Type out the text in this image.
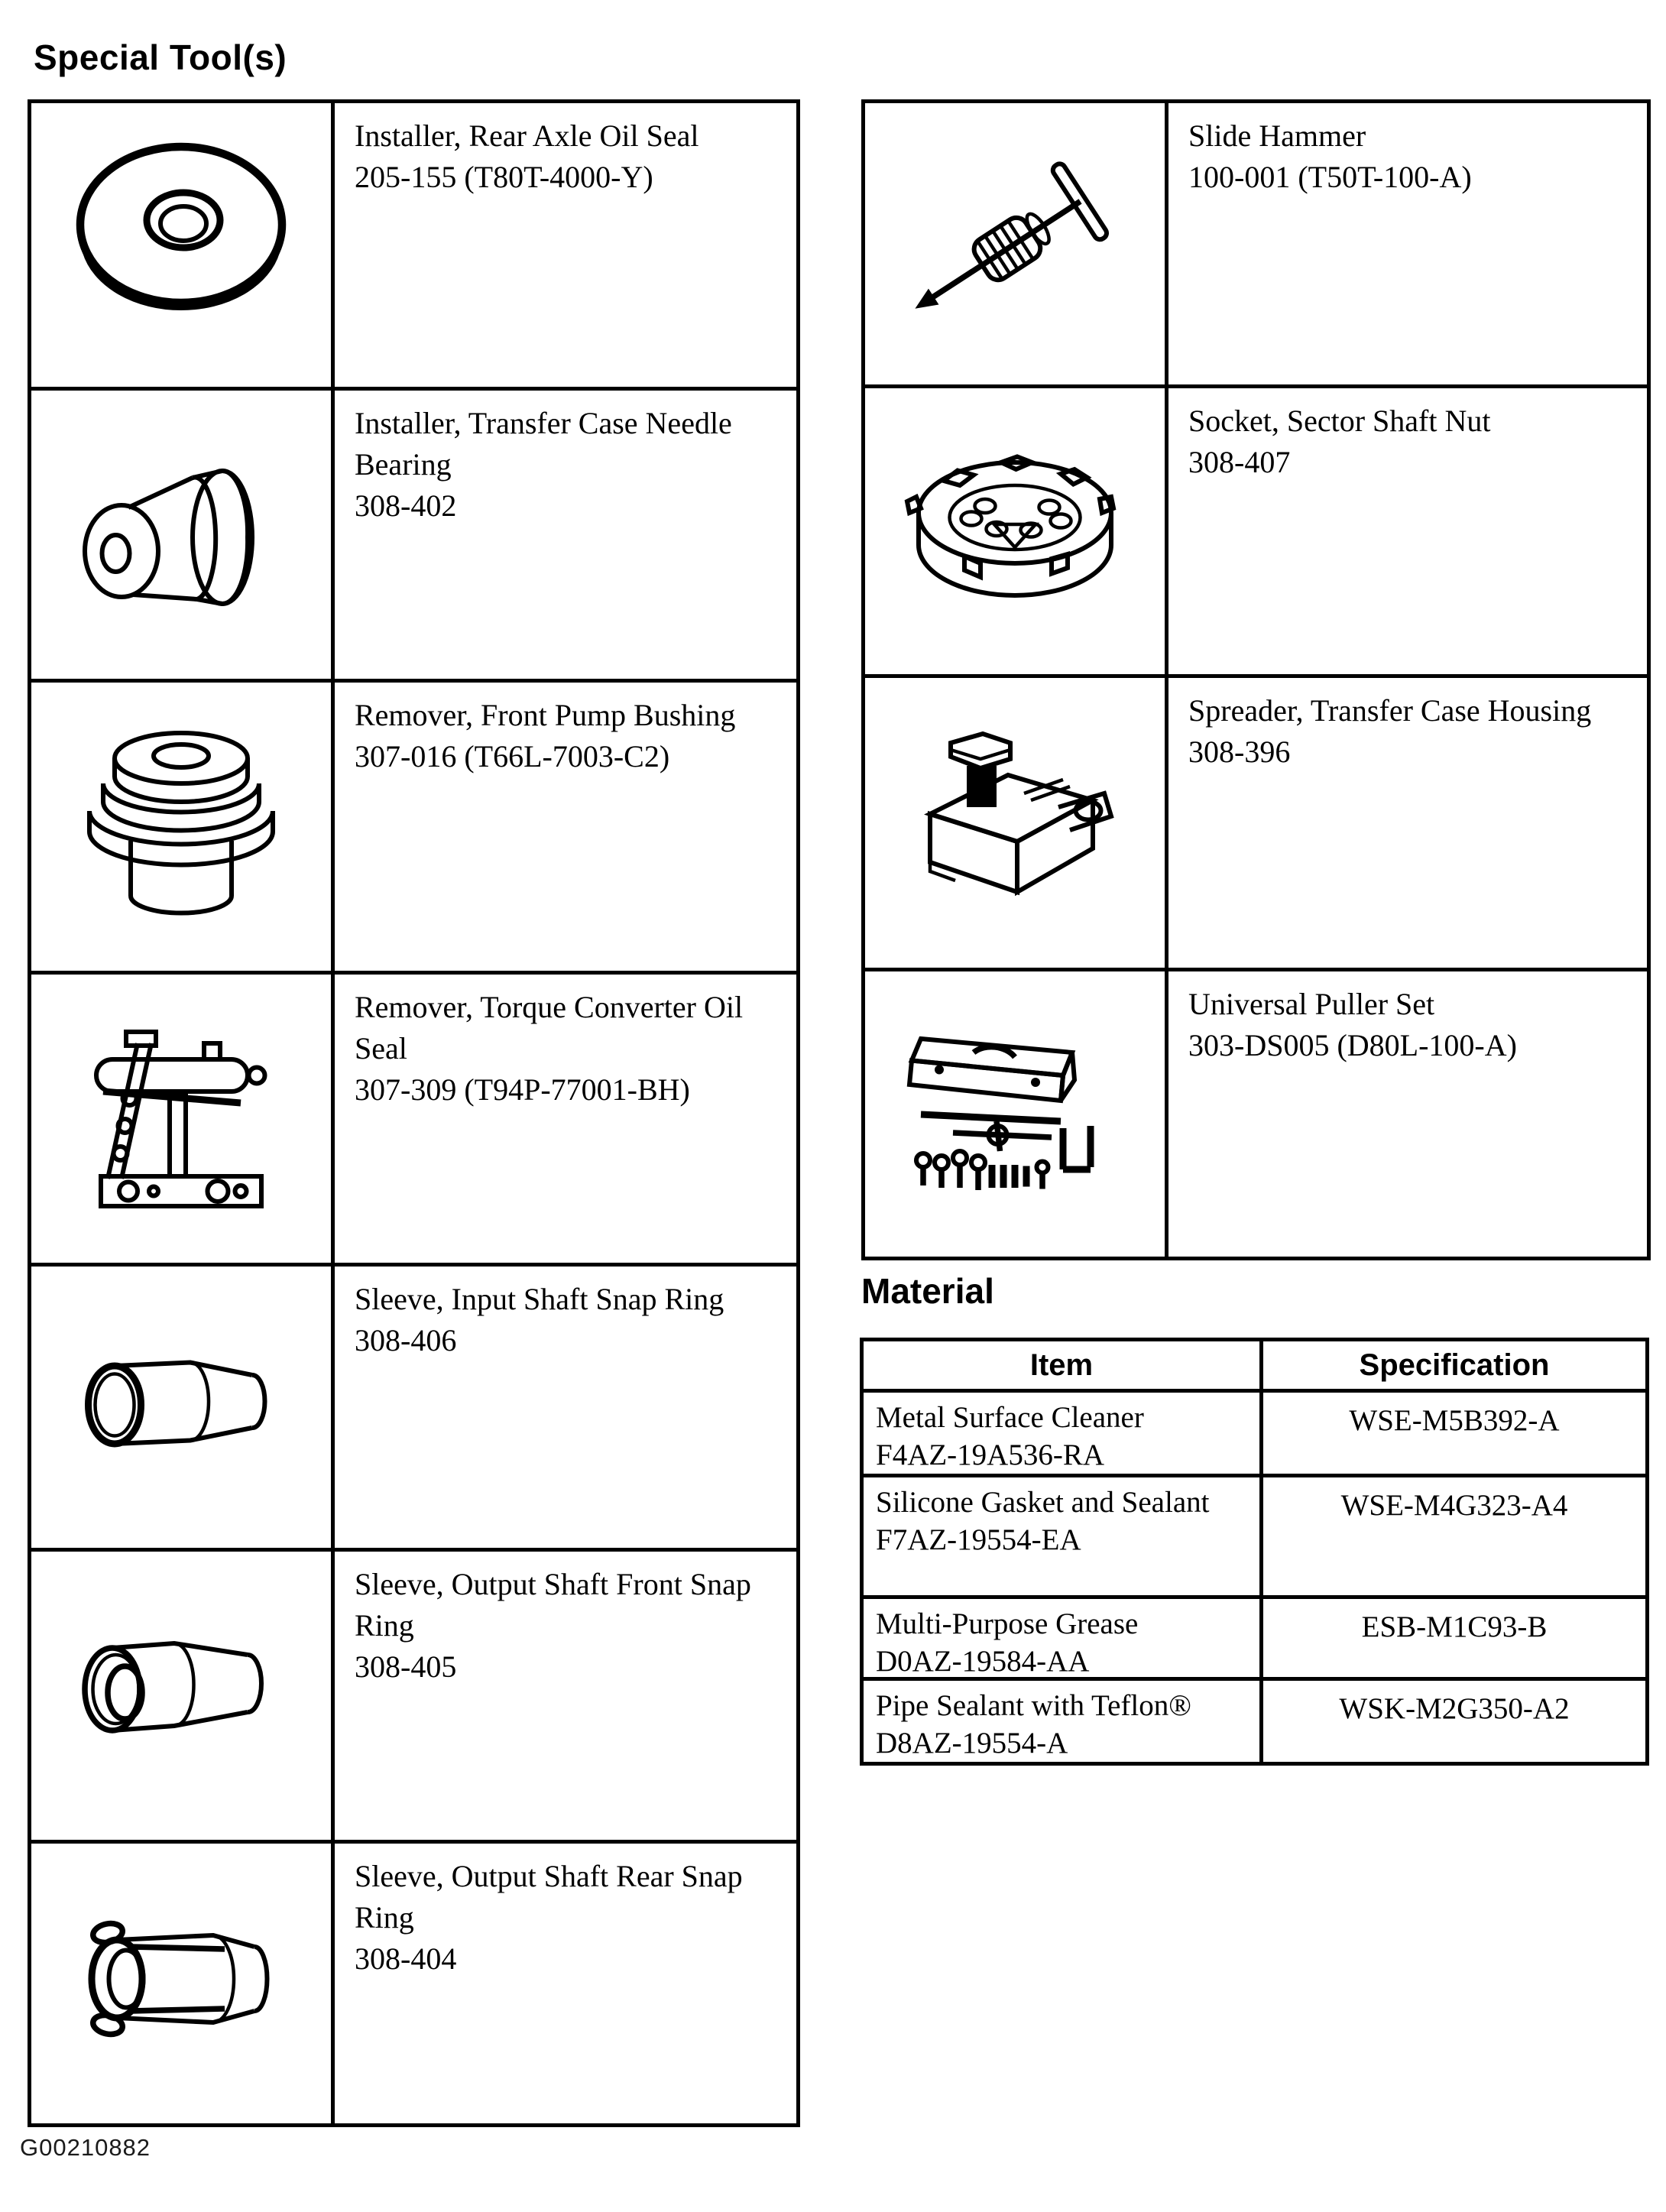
Special Tool(s)
Installer, Rear Axle Oil Seal
205-155 (T80T-4000-Y)
Installer, Transfer Case Needle Bearing
308-402
Remover, Front Pump Bushing
307-016 (T66L-7003-C2)
Remover, Torque Converter Oil Seal
307-309 (T94P-77001-BH)
Sleeve, Input Shaft Snap Ring
308-406
Sleeve, Output Shaft Front Snap Ring
308-405
Sleeve, Output Shaft Rear Snap Ring
308-404
Slide Hammer
100-001 (T50T-100-A)
Socket, Sector Shaft Nut
308-407
Spreader, Transfer Case Housing
308-396
Universal Puller Set
303-DS005 (D80L-100-A)
Material
Item	Specification
Metal Surface Cleaner
F4AZ-19A536-RA
WSE-M5B392-A
Silicone Gasket and Sealant
F7AZ-19554-EA
WSE-M4G323-A4
Multi-Purpose Grease
D0AZ-19584-AA
ESB-M1C93-B
Pipe Sealant with Teflon®
D8AZ-19554-A
WSK-M2G350-A2
G00210882
